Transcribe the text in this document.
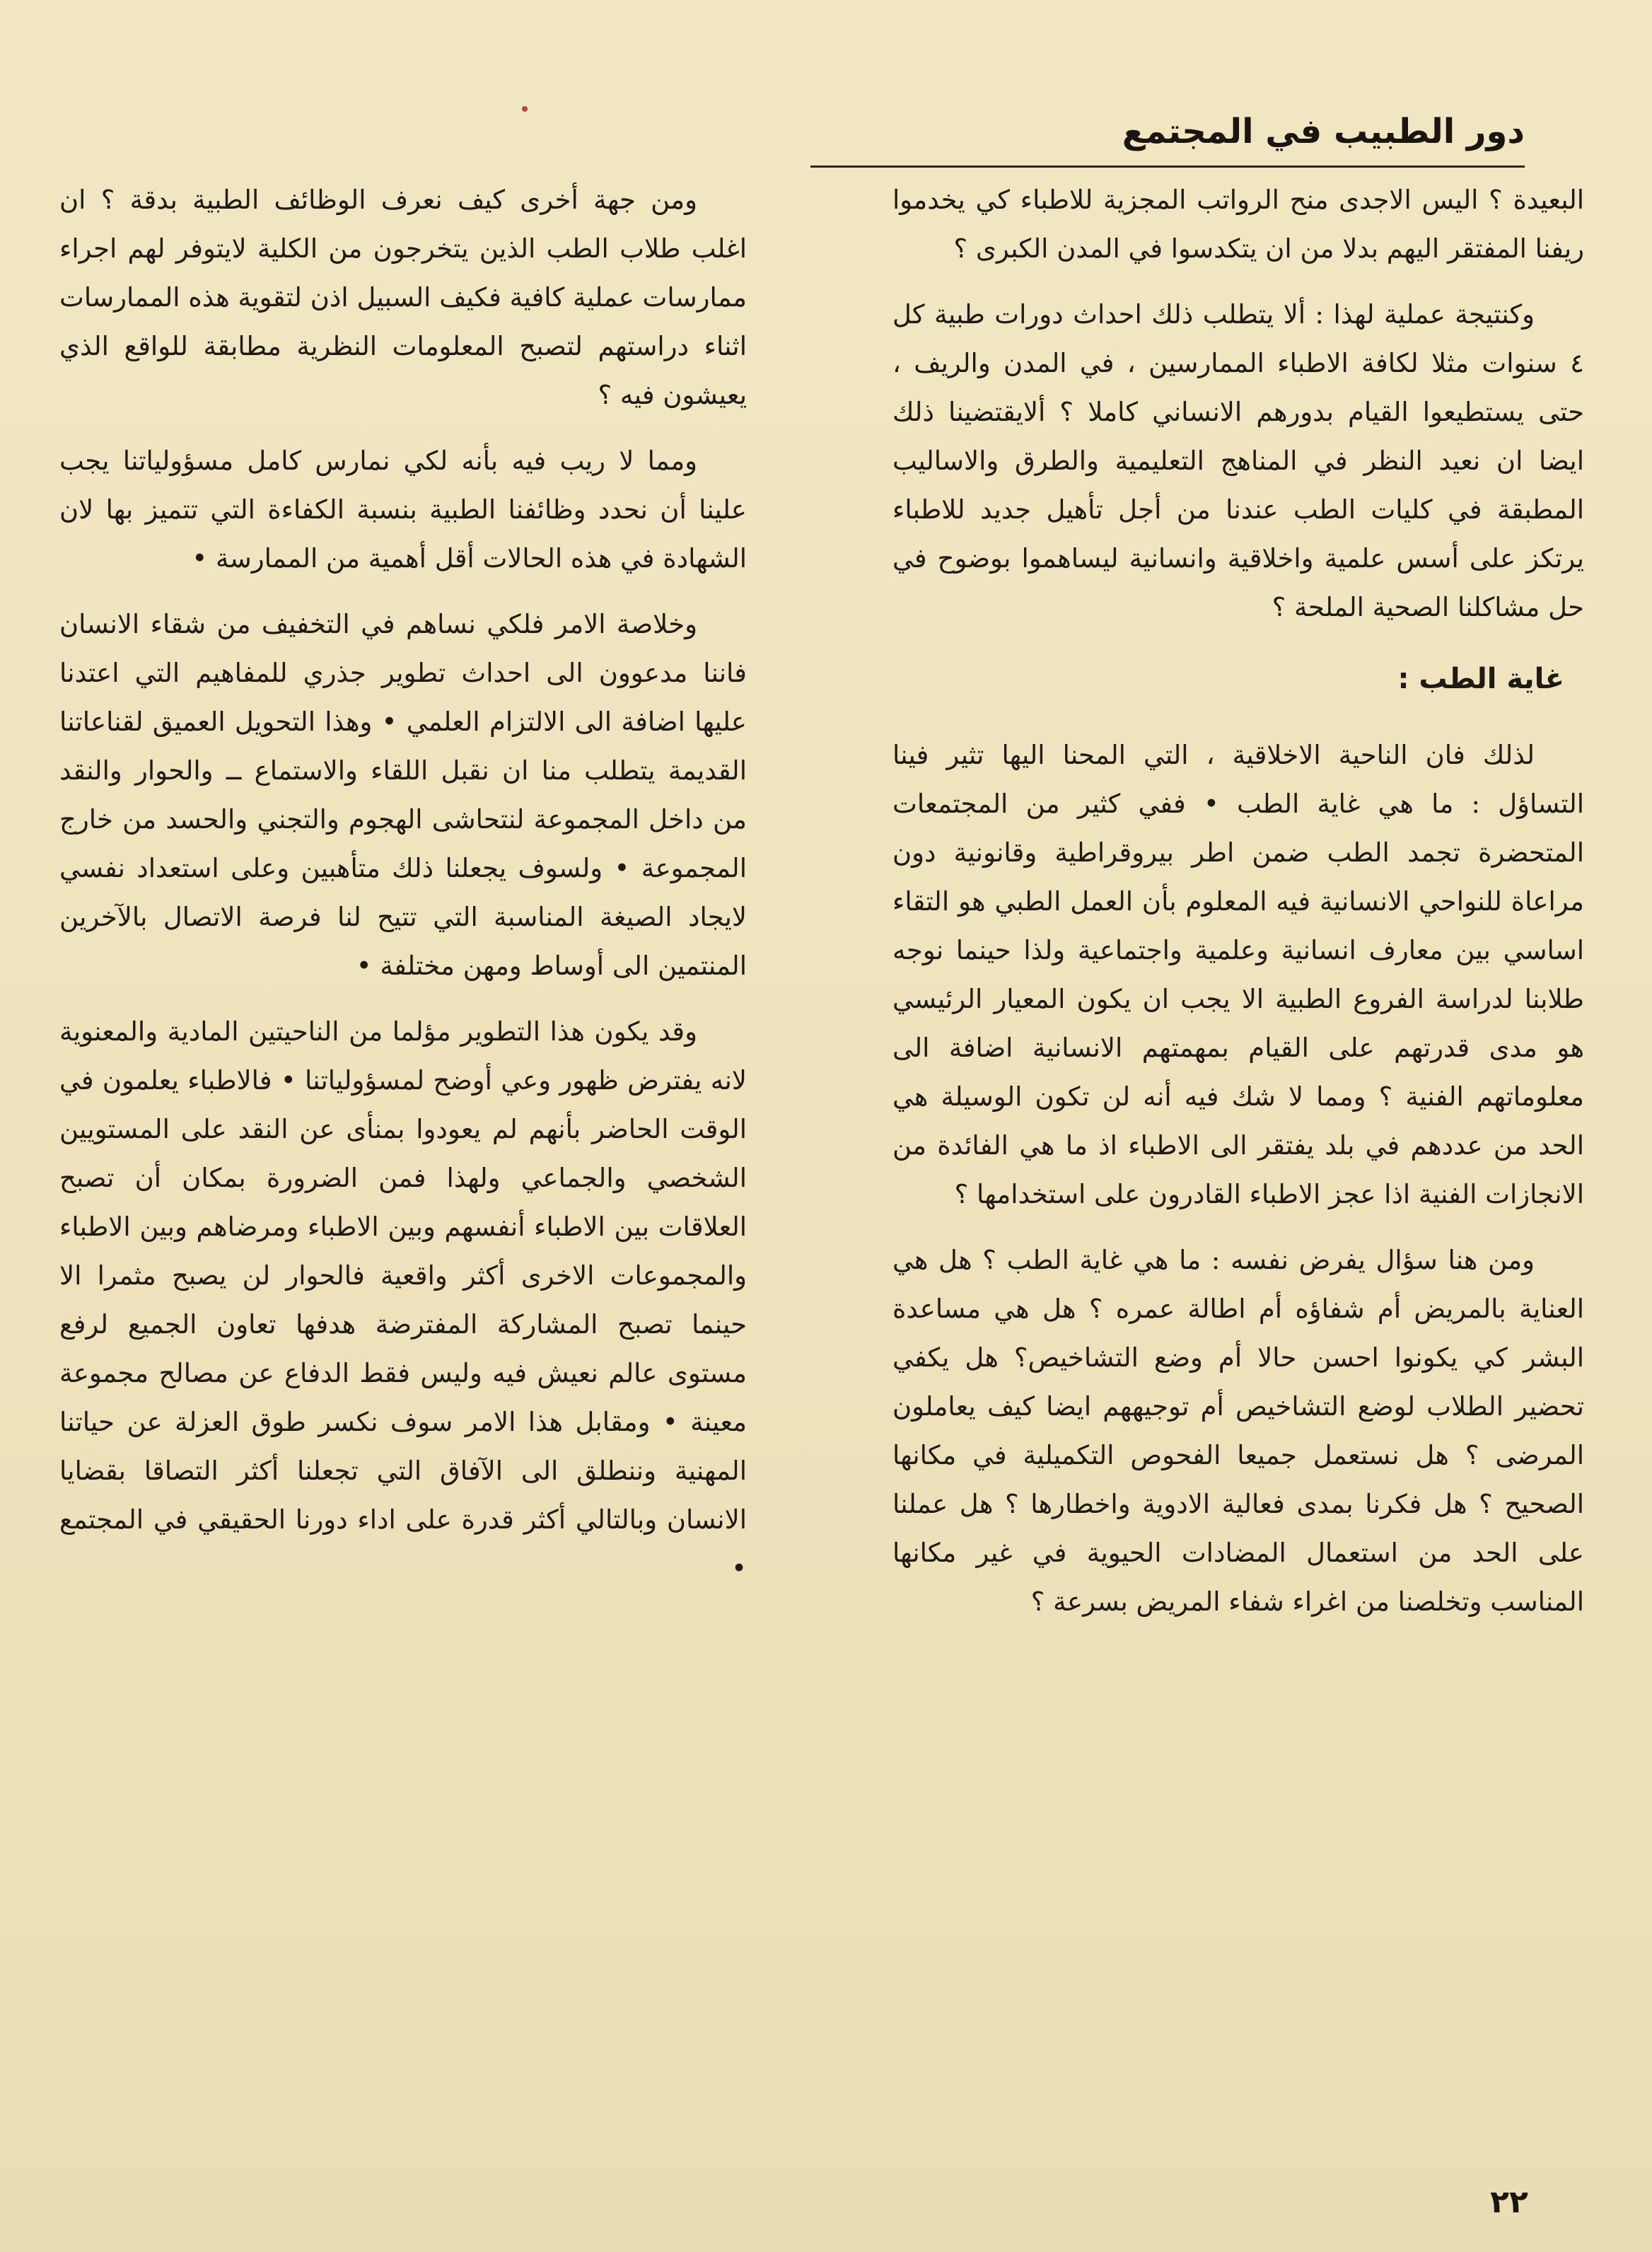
دور الطبيب في المجتمع

البعيدة ؟ اليس الاجدى منح الرواتب المجزية للاطباء كي يخدموا ريفنا المفتقر اليهم بدلا من ان يتكدسوا في المدن الكبرى ؟

وكنتيجة عملية لهذا : ألا يتطلب ذلك احداث دورات طبية كل ٤ سنوات مثلا لكافة الاطباء الممارسين ، في المدن والريف ، حتى يستطيعوا القيام بدورهم الانساني كاملا ؟ ألايقتضينا ذلك ايضا ان نعيد النظر في المناهج التعليمية والطرق والاساليب المطبقة في كليات الطب عندنا من أجل تأهيل جديد للاطباء يرتكز على أسس علمية واخلاقية وانسانية ليساهموا بوضوح في حل مشاكلنا الصحية الملحة ؟

غاية الطب :

لذلك فان الناحية الاخلاقية ، التي المحنا اليها تثير فينا التساؤل : ما هي غاية الطب • ففي كثير من المجتمعات المتحضرة تجمد الطب ضمن اطر بيروقراطية وقانونية دون مراعاة للنواحي الانسانية فيه المعلوم بأن العمل الطبي هو التقاء اساسي بين معارف انسانية وعلمية واجتماعية ولذا حينما نوجه طلابنا لدراسة الفروع الطبية الا يجب ان يكون المعيار الرئيسي هو مدى قدرتهم على القيام بمهمتهم الانسانية اضافة الى معلوماتهم الفنية ؟ ومما لا شك فيه أنه لن تكون الوسيلة هي الحد من عددهم في بلد يفتقر الى الاطباء اذ ما هي الفائدة من الانجازات الفنية اذا عجز الاطباء القادرون على استخدامها ؟

ومن هنا سؤال يفرض نفسه : ما هي غاية الطب ؟ هل هي العناية بالمريض أم شفاؤه أم اطالة عمره ؟ هل هي مساعدة البشر كي يكونوا احسن حالا أم وضع التشاخيص؟ هل يكفي تحضير الطلاب لوضع التشاخيص أم توجيههم ايضا كيف يعاملون المرضى ؟ هل نستعمل جميعا الفحوص التكميلية في مكانها الصحيح ؟ هل فكرنا بمدى فعالية الادوية واخطارها ؟ هل عملنا على الحد من استعمال المضادات الحيوية في غير مكانها المناسب وتخلصنا من اغراء شفاء المريض بسرعة ؟

ومن جهة أخرى كيف نعرف الوظائف الطبية بدقة ؟ ان اغلب طلاب الطب الذين يتخرجون من الكلية لايتوفر لهم اجراء ممارسات عملية كافية فكيف السبيل اذن لتقوية هذه الممارسات اثناء دراستهم لتصبح المعلومات النظرية مطابقة للواقع الذي يعيشون فيه ؟

ومما لا ريب فيه بأنه لكي نمارس كامل مسؤولياتنا يجب علينا أن نحدد وظائفنا الطبية بنسبة الكفاءة التي تتميز بها لان الشهادة في هذه الحالات أقل أهمية من الممارسة •

وخلاصة الامر فلكي نساهم في التخفيف من شقاء الانسان فاننا مدعوون الى احداث تطوير جذري للمفاهيم التي اعتدنا عليها اضافة الى الالتزام العلمي • وهذا التحويل العميق لقناعاتنا القديمة يتطلب منا ان نقبل اللقاء والاستماع ــ والحوار والنقد من داخل المجموعة لنتحاشى الهجوم والتجني والحسد من خارج المجموعة • ولسوف يجعلنا ذلك متأهبين وعلى استعداد نفسي لايجاد الصيغة المناسبة التي تتيح لنا فرصة الاتصال بالآخرين المنتمين الى أوساط ومهن مختلفة •

وقد يكون هذا التطوير مؤلما من الناحيتين المادية والمعنوية لانه يفترض ظهور وعي أوضح لمسؤولياتنا • فالاطباء يعلمون في الوقت الحاضر بأنهم لم يعودوا بمنأى عن النقد على المستويين الشخصي والجماعي ولهذا فمن الضرورة بمكان أن تصبح العلاقات بين الاطباء أنفسهم وبين الاطباء ومرضاهم وبين الاطباء والمجموعات الاخرى أكثر واقعية فالحوار لن يصبح مثمرا الا حينما تصبح المشاركة المفترضة هدفها تعاون الجميع لرفع مستوى عالم نعيش فيه وليس فقط الدفاع عن مصالح مجموعة معينة • ومقابل هذا الامر سوف نكسر طوق العزلة عن حياتنا المهنية وننطلق الى الآفاق التي تجعلنا أكثر التصاقا بقضايا الانسان وبالتالي أكثر قدرة على اداء دورنا الحقيقي في المجتمع •

٢٢
